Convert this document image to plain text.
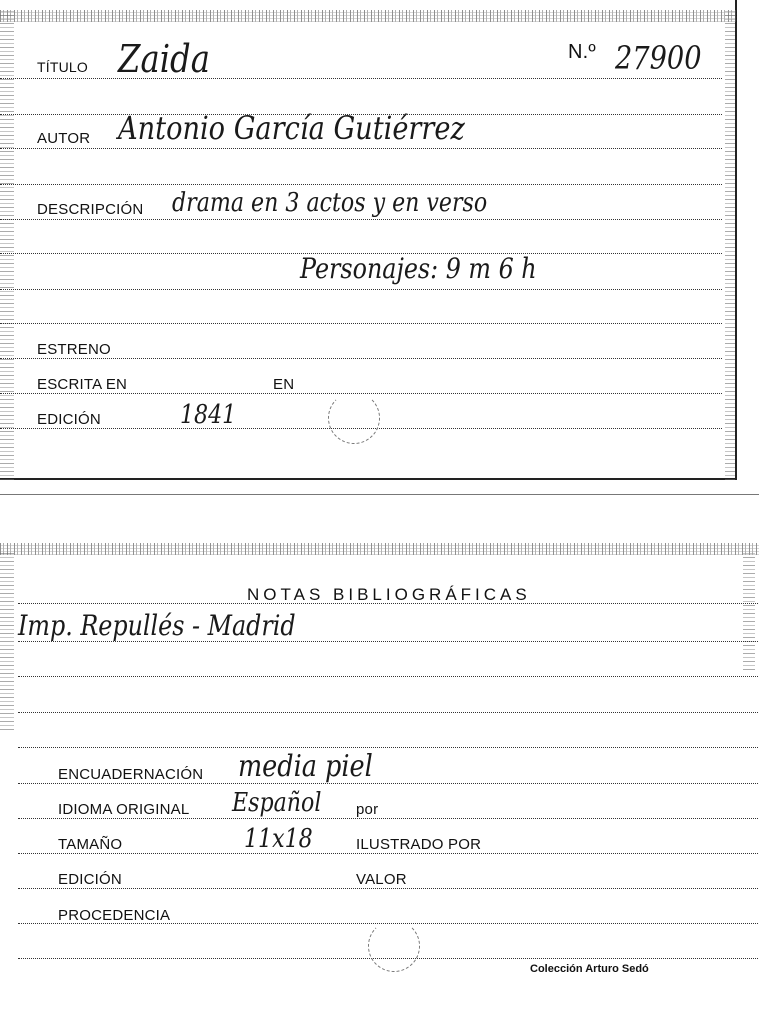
TÍTULO Zaida	N.º 27900
AUTOR Antonio García Gutiérrez
DESCRIPCIÓN drama en 3 actos y en verso
Personajes: 9 m 6 h
ESTRENO
ESCRITA EN	EN
EDICIÓN	1841
NOTAS BIBLIOGRÁFICAS
Imp. Repullés - Madrid
ENCUADERNACIÓN media piel
IDIOMA ORIGINAL Español por
TAMAÑO	11x18	ILUSTRADO POR
EDICIÓN	VALOR
PROCEDENCIA
Colección Arturo Sedó
